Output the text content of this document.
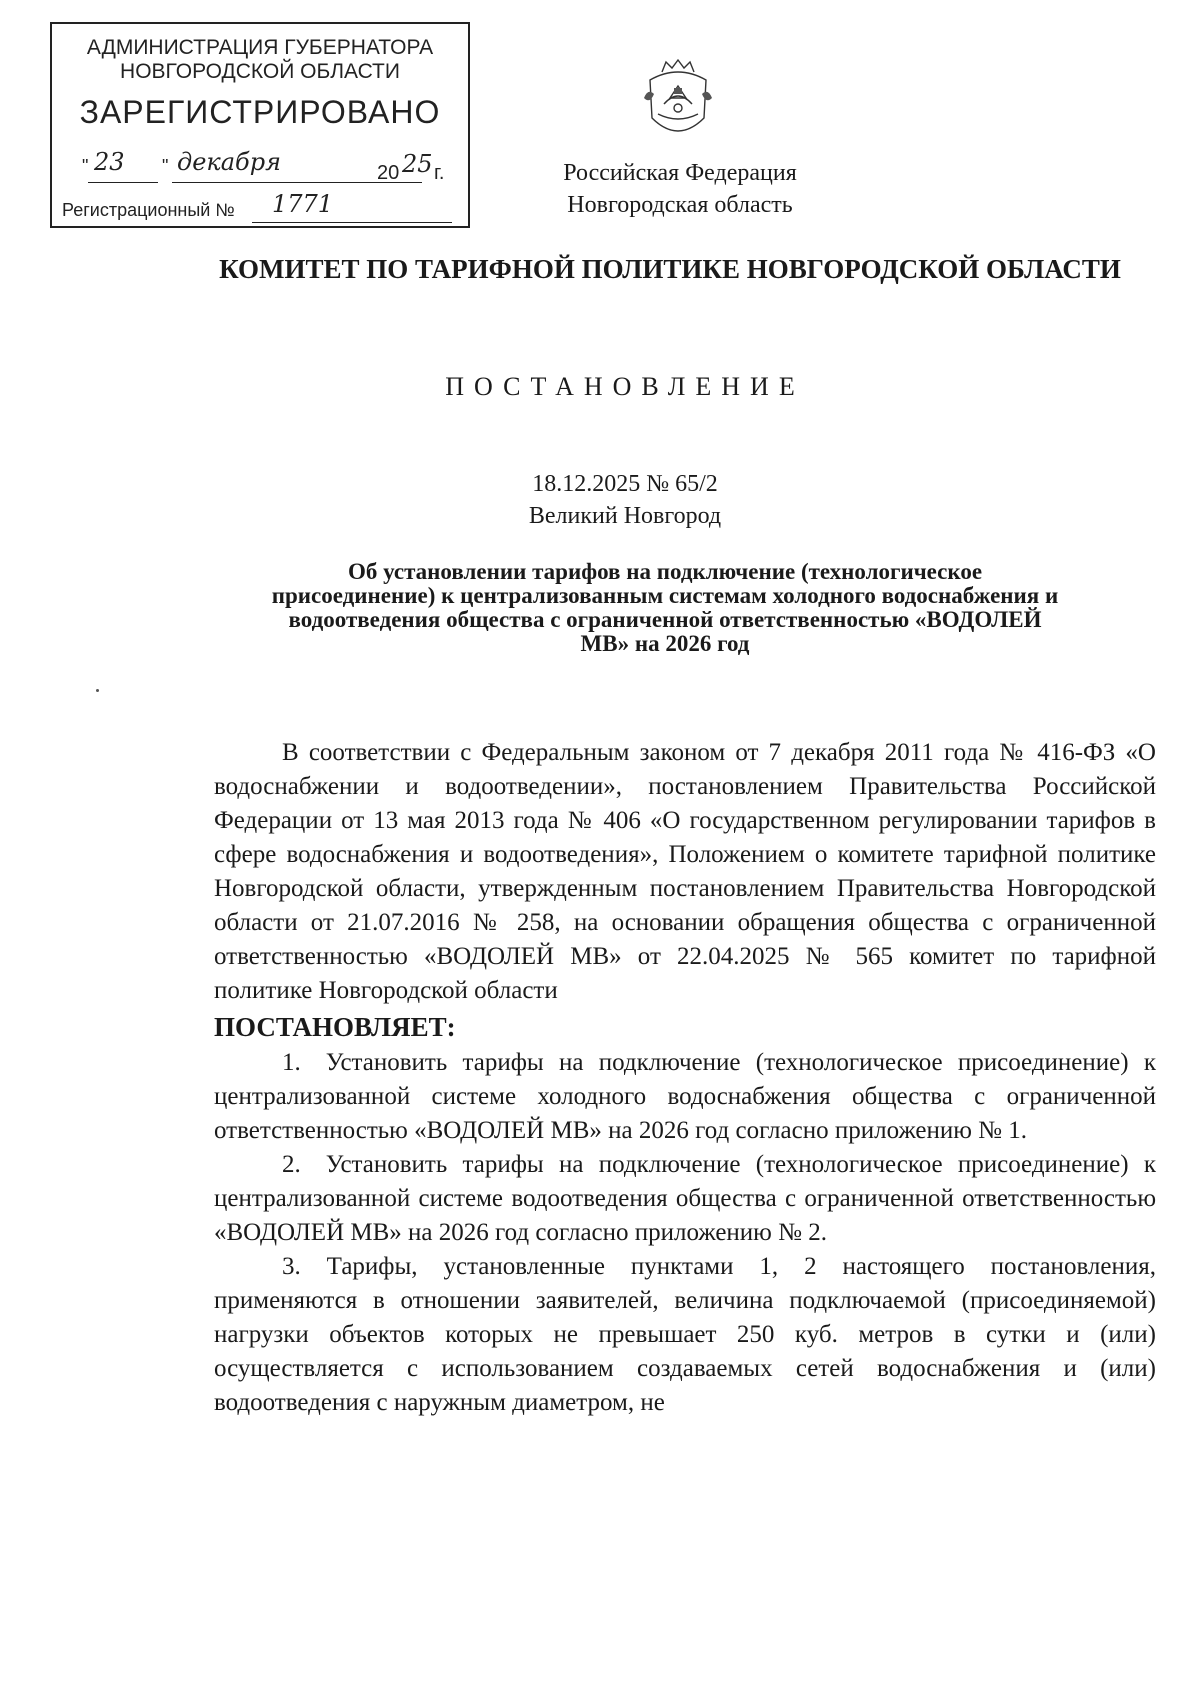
АДМИНИСТРАЦИЯ ГУБЕРНАТОРА
НОВГОРОДСКОЙ ОБЛАСТИ
ЗАРЕГИСТРИРОВАНО
" 23 " декабря	20 25 г.
Регистрационный № 1771
Российская Федерация
Новгородская область
КОМИТЕТ ПО ТАРИФНОЙ ПОЛИТИКЕ НОВГОРОДСКОЙ ОБЛАСТИ
ПОСТАНОВЛЕНИЕ
18.12.2025 № 65/2
Великий Новгород
Об установлении тарифов на подключение (технологическое присоединение) к централизованным системам холодного водоснабжения и водоотведения общества с ограниченной ответственностью «ВОДОЛЕЙ МВ» на 2026 год

В соответствии с Федеральным законом от 7 декабря 2011 года № 416-ФЗ «О водоснабжении и водоотведении», постановлением Правительства Российской Федерации от 13 мая 2013 года № 406 «О государственном регулировании тарифов в сфере водоснабжения и водоотведения», Положением о комитете тарифной политике Новгородской области, утвержденным постановлением Правительства Новгородской области от 21.07.2016 № 258, на основании обращения общества с ограниченной ответственностью «ВОДОЛЕЙ МВ» от 22.04.2025 № 565 комитет по тарифной политике Новгородской области

ПОСТАНОВЛЯЕТ:

1. Установить тарифы на подключение (технологическое присоединение) к централизованной системе холодного водоснабжения общества с ограниченной ответственностью «ВОДОЛЕЙ МВ» на 2026 год согласно приложению № 1.

2. Установить тарифы на подключение (технологическое присоединение) к централизованной системе водоотведения общества с ограниченной ответственностью «ВОДОЛЕЙ МВ» на 2026 год согласно приложению № 2.

3. Тарифы, установленные пунктами 1, 2 настоящего постановления, применяются в отношении заявителей, величина подключаемой (присоединяемой) нагрузки объектов которых не превышает 250 куб. метров в сутки и (или) осуществляется с использованием создаваемых сетей водоснабжения и (или) водоотведения с наружным диаметром, не
